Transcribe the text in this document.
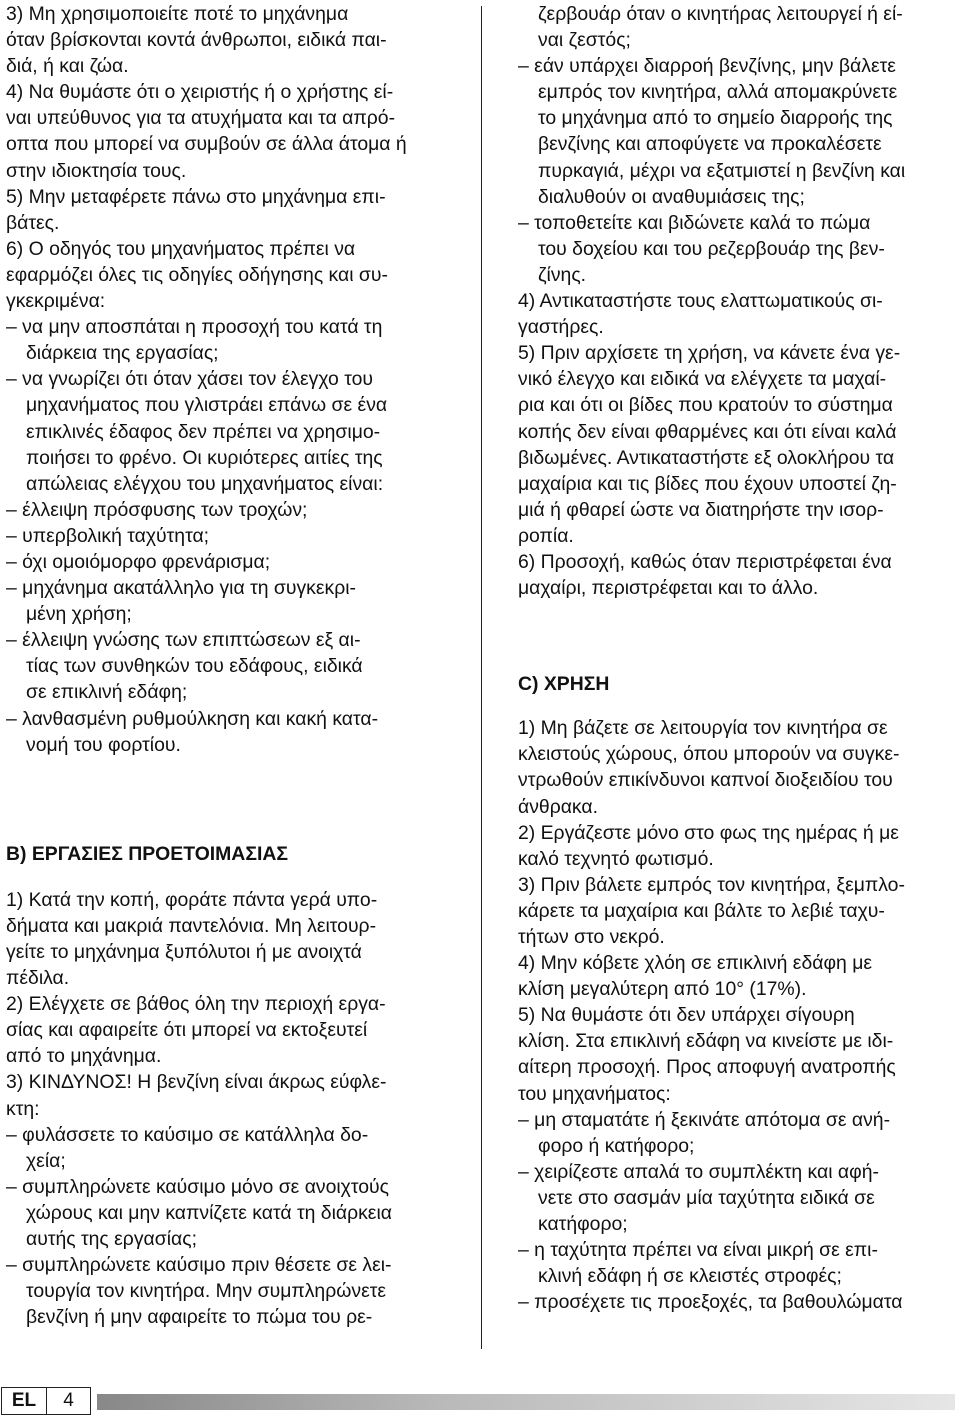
3) Μη χρησιμοποιείτε ποτέ το μηχάνημα
όταν βρίσκονται κοντά άνθρωποι, ειδικά παι-
διά, ή και ζώα.
4) Να θυμάστε ότι ο χειριστής ή ο χρήστης εί-
ναι υπεύθυνος για τα ατυχήματα και τα απρό-
οπτα που μπορεί να συμβούν σε άλλα άτομα ή
στην ιδιοκτησία τους.
5) Μην μεταφέρετε πάνω στο μηχάνημα επι-
βάτες.
6) Ο οδηγός του μηχανήματος πρέπει να
εφαρμόζει όλες τις οδηγίες οδήγησης και συ-
γκεκριμένα:
– να μην αποσπάται η προσοχή του κατά τη
διάρκεια της εργασίας;
– να γνωρίζει ότι όταν χάσει τον έλεγχο του
μηχανήματος που γλιστράει επάνω σε ένα
επικλινές έδαφος δεν πρέπει να χρησιμο-
ποιήσει το φρένο. Οι κυριότερες αιτίες της
απώλειας ελέγχου του μηχανήματος είναι:
– έλλειψη πρόσφυσης των τροχών;
– υπερβολική ταχύτητα;
– όχι ομοιόμορφο φρενάρισμα;
– μηχάνημα ακατάλληλο για τη συγκεκρι-
μένη χρήση;
– έλλειψη γνώσης των επιπτώσεων εξ αι-
τίας των συνθηκών του εδάφους, ειδικά
σε επικλινή εδάφη;
– λανθασμένη ρυθμούλκηση και κακή κατα-
νομή του φορτίου.
B) ΕΡΓΑΣΙΕΣ ΠΡΟΕΤΟΙΜΑΣΙΑΣ
1) Κατά την κοπή, φοράτε πάντα γερά υπο-
δήματα και μακριά παντελόνια. Μη λειτουρ-
γείτε το μηχάνημα ξυπόλυτοι ή με ανοιχτά
πέδιλα.
2) Ελέγχετε σε βάθος όλη την περιοχή εργα-
σίας και αφαιρείτε ότι μπορεί να εκτοξευτεί
από το μηχάνημα.
3) ΚΙΝΔΥΝΟΣ! Η βενζίνη είναι άκρως εύφλε-
κτη:
– φυλάσσετε το καύσιμο σε κατάλληλα δο-
χεία;
– συμπληρώνετε καύσιμο μόνο σε ανοιχτούς
χώρους και μην καπνίζετε κατά τη διάρκεια
αυτής της εργασίας;
– συμπληρώνετε καύσιμο πριν θέσετε σε λει-
τουργία τον κινητήρα. Μην συμπληρώνετε
βενζίνη ή μην αφαιρείτε το πώμα του ρε-
ζερβουάρ όταν ο κινητήρας λειτουργεί ή εί-
ναι ζεστός;
– εάν υπάρχει διαρροή βενζίνης, μην βάλετε
εμπρός τον κινητήρα, αλλά απομακρύνετε
το μηχάνημα από το σημείο διαρροής της
βενζίνης και αποφύγετε να προκαλέσετε
πυρκαγιά, μέχρι να εξατμιστεί η βενζίνη και
διαλυθούν οι αναθυμιάσεις της;
– τοποθετείτε και βιδώνετε καλά το πώμα
του δοχείου και του ρεζερβουάρ της βεν-
ζίνης.
4) Αντικαταστήστε τους ελαττωματικούς σι-
γαστήρες.
5) Πριν αρχίσετε τη χρήση, να κάνετε ένα γε-
νικό έλεγχο και ειδικά να ελέγχετε τα μαχαί-
ρια και ότι οι βίδες που κρατούν το σύστημα
κοπής δεν είναι φθαρμένες και ότι είναι καλά
βιδωμένες. Αντικαταστήστε εξ ολοκλήρου τα
μαχαίρια και τις βίδες που έχουν υποστεί ζη-
μιά ή φθαρεί ώστε να διατηρήστε την ισορ-
ροπία.
6) Προσοχή, καθώς όταν περιστρέφεται ένα
μαχαίρι, περιστρέφεται και το άλλο.
C) ΧΡΗΣΗ
1) Μη βάζετε σε λειτουργία τον κινητήρα σε
κλειστούς χώρους, όπου μπορούν να συγκε-
ντρωθούν επικίνδυνοι καπνοί διοξειδίου του
άνθρακα.
2) Εργάζεστε μόνο στο φως της ημέρας ή με
καλό τεχνητό φωτισμό.
3) Πριν βάλετε εμπρός τον κινητήρα, ξεμπλο-
κάρετε τα μαχαίρια και βάλτε το λεβιέ ταχυ-
τήτων στο νεκρό.
4) Μην κόβετε χλόη σε επικλινή εδάφη με
κλίση μεγαλύτερη από 10° (17%).
5) Να θυμάστε ότι δεν υπάρχει σίγουρη
κλίση. Στα επικλινή εδάφη να κινείστε με ιδι-
αίτερη προσοχή. Προς αποφυγή ανατροπής
του μηχανήματος:
– μη σταματάτε ή ξεκινάτε απότομα σε ανή-
φορο ή κατήφορο;
– χειρίζεστε απαλά το συμπλέκτη και αφή-
νετε στο σασμάν μία ταχύτητα ειδικά σε
κατήφορο;
– η ταχύτητα πρέπει να είναι μικρή σε επι-
κλινή εδάφη ή σε κλειστές στροφές;
– προσέχετε τις προεξοχές, τα βαθουλώματα
EL	4
